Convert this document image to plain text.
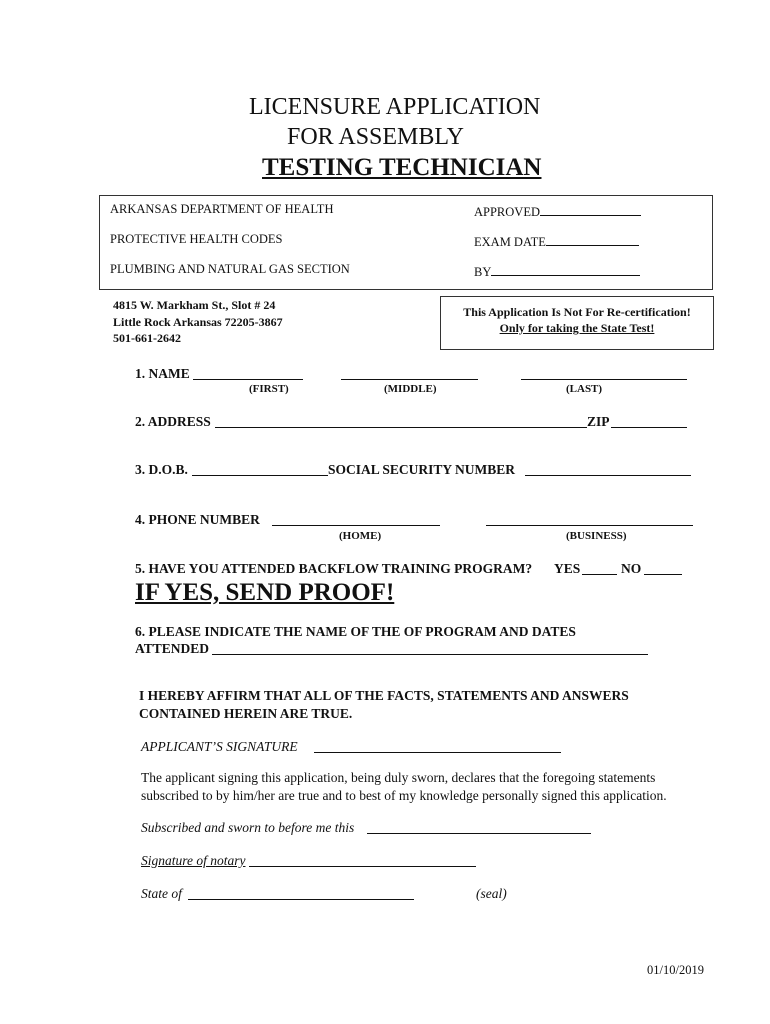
LICENSURE APPLICATION
FOR ASSEMBLY
TESTING TECHNICIAN
ARKANSAS DEPARTMENT OF HEALTH
PROTECTIVE HEALTH CODES
PLUMBING AND NATURAL GAS SECTION
APPROVED
EXAM DATE
BY
4815 W. Markham St., Slot # 24
Little Rock Arkansas 72205-3867
501-661-2642
This Application Is Not For Re-certification!
Only for taking the State Test!
1. NAME
(FIRST)	(MIDDLE)	(LAST)
2. ADDRESS	ZIP
3. D.O.B.	SOCIAL SECURITY NUMBER
4. PHONE NUMBER
(HOME)	(BUSINESS)
5. HAVE YOU ATTENDED BACKFLOW TRAINING PROGRAM? YES	NO
IF YES, SEND PROOF!
6. PLEASE INDICATE THE NAME OF THE OF PROGRAM AND DATES
ATTENDED
I HEREBY AFFIRM THAT ALL OF THE FACTS, STATEMENTS AND ANSWERS
CONTAINED HEREIN ARE TRUE.
APPLICANT’S SIGNATURE
The applicant signing this application, being duly sworn, declares that the foregoing statements
subscribed to by him/her are true and to best of my knowledge personally signed this application.
Subscribed and sworn to before me this
Signature of notary
State of	(seal)
01/10/2019
